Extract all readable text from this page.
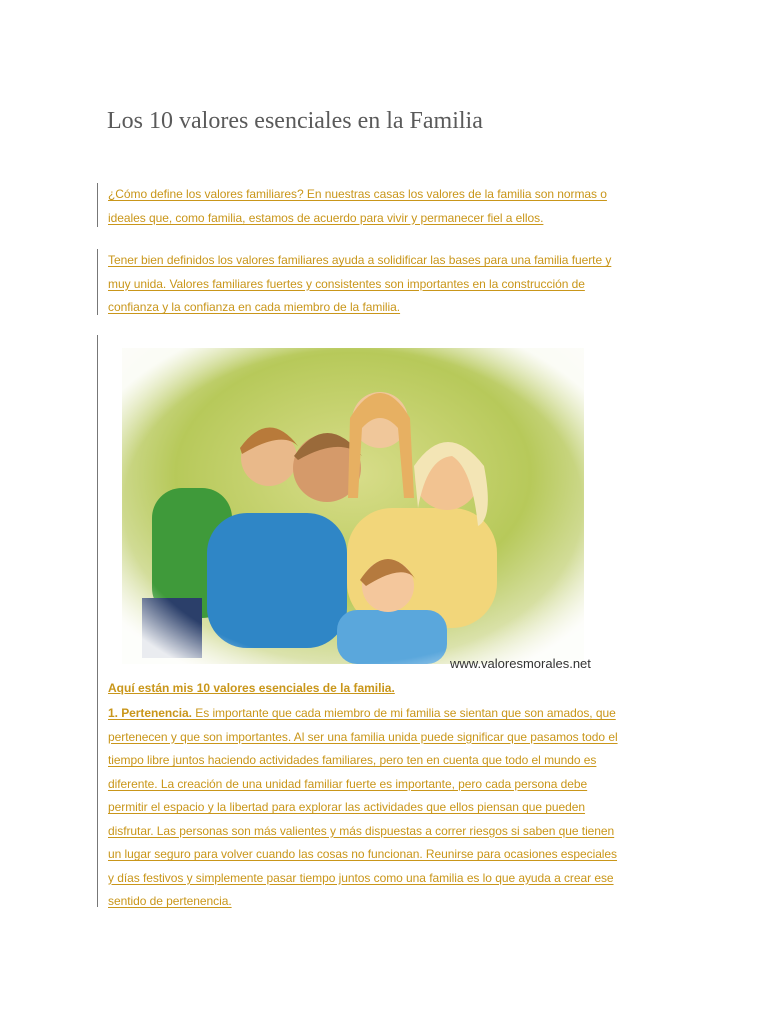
Los 10 valores esenciales en la Familia
¿Cómo define los valores familiares? En nuestras casas los valores de la familia son normas o
ideales que, como familia, estamos de acuerdo para vivir y permanecer fiel a ellos.
Tener bien definidos los valores familiares ayuda a solidificar las bases para una familia fuerte y
muy unida. Valores familiares fuertes y consistentes son importantes en la construcción de
confianza y la confianza en cada miembro de la familia.
www.valoresmorales.net
Aquí están mis 10 valores esenciales de la familia.
1. Pertenencia. Es importante que cada miembro de mi familia se sientan que son amados, que
pertenecen y que son importantes. Al ser una familia unida puede significar que pasamos todo el
tiempo libre juntos haciendo actividades familiares, pero ten en cuenta que todo el mundo es
diferente. La creación de una unidad familiar fuerte es importante, pero cada persona debe
permitir el espacio y la libertad para explorar las actividades que ellos piensan que pueden
disfrutar. Las personas son más valientes y más dispuestas a correr riesgos si saben que tienen
un lugar seguro para volver cuando las cosas no funcionan. Reunirse para ocasiones especiales
y días festivos y simplemente pasar tiempo juntos como una familia es lo que ayuda a crear ese
sentido de pertenencia.
